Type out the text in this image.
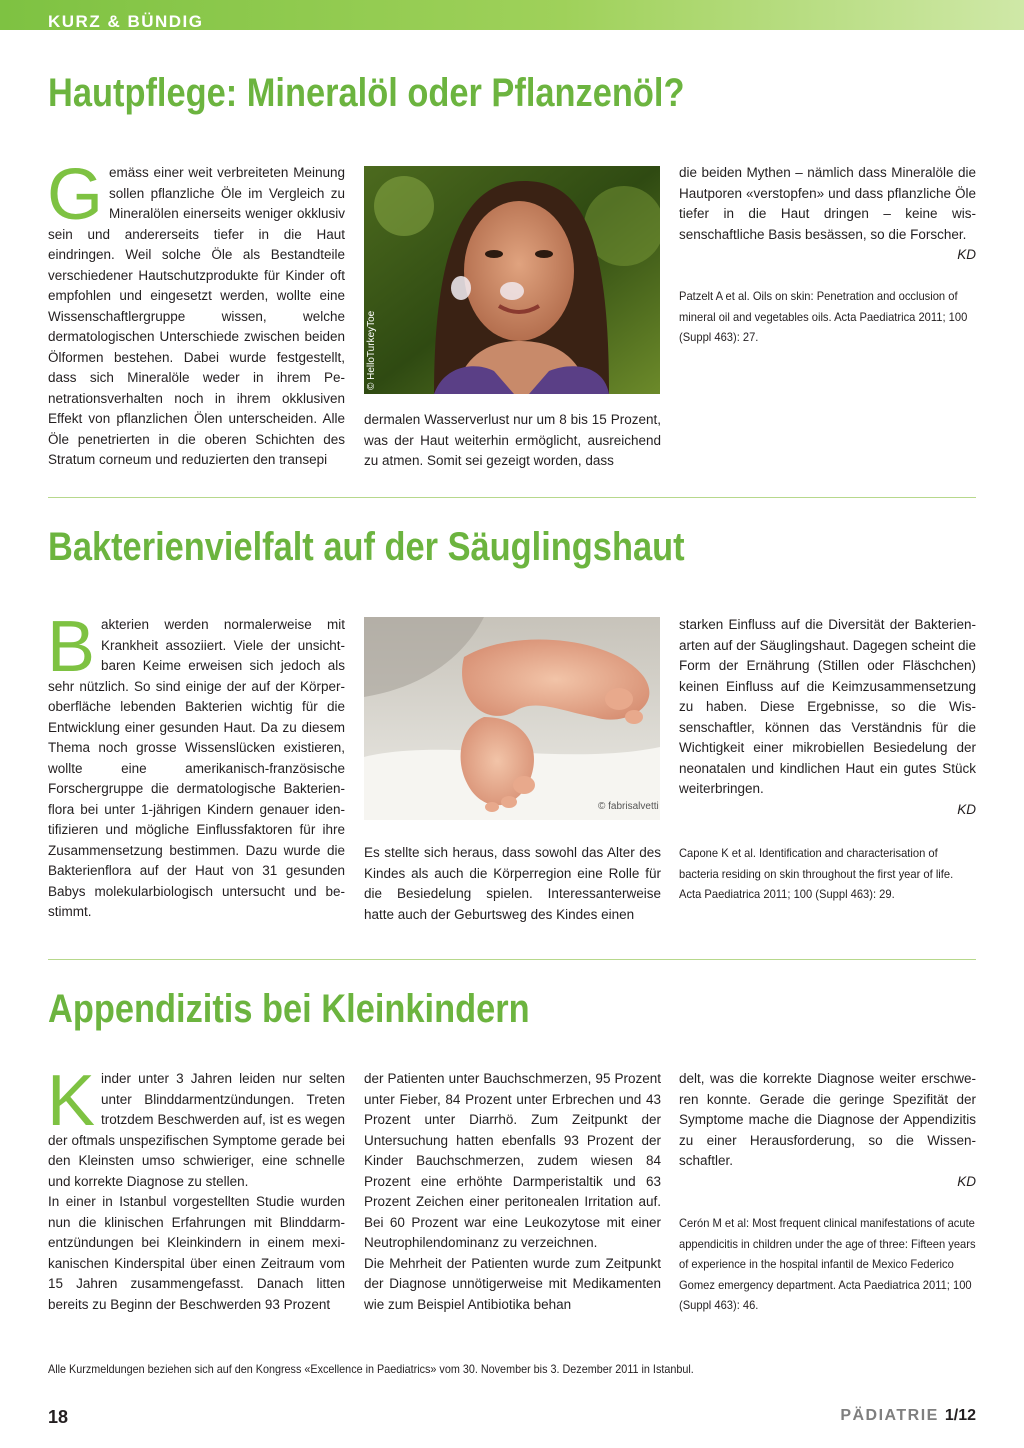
KURZ & BÜNDIG
Hautpflege: Mineralöl oder Pflanzenöl?
G emäss einer weit verbreiteten Meinung sollen pflanzliche Öle im Vergleich zu Mineralölen einerseits weniger okklusiv sein und andererseits tiefer in die Haut eindringen. Weil solche Öle als Bestandteile verschiedener Hautschutzprodukte für Kinder oft empfohlen und eingesetzt werden, wollte eine Wissenschaftlergruppe wissen, welche dermatologischen Unterschiede zwischen beiden Ölformen bestehen. Dabei wurde festgestellt, dass sich Mineralöle weder in ihrem Penetrationsverhalten noch in ihrem okklusiven Effekt von pflanzlichen Ölen unterscheiden. Alle Öle penetrierten in die oberen Schichten des Stratum corneum und reduzierten den transepi

© HelloTurkeyToe

dermalen Wasserverlust nur um 8 bis 15 Prozent, was der Haut weiterhin ermöglicht, ausreichend zu atmen. Somit sei gezeigt worden, dass

die beiden Mythen – nämlich dass Mineralöle die Hautporen «verstopfen» und dass pflanzliche Öle tiefer in die Haut dringen – keine wissenschaftliche Basis besässen, so die Forscher.

KD

Patzelt A et al. Oils on skin: Penetration and occlusion of mineral oil and vegetables oils. Acta Paediatrica 2011; 100 (Suppl 463): 27.
Bakterienvielfalt auf der Säuglingshaut
B akterien werden normalerweise mit Krankheit assoziiert. Viele der unsichtbaren Keime erweisen sich jedoch als sehr nützlich. So sind einige der auf der Körperoberfläche lebenden Bakterien wichtig für die Entwicklung einer gesunden Haut. Da zu diesem Thema noch grosse Wissenslücken existieren, wollte eine amerikanisch-französische Forschergruppe die dermatologische Bakterienflora bei unter 1-jährigen Kindern genauer identifizieren und mögliche Einflussfaktoren für ihre Zusammensetzung bestimmen. Dazu wurde die Bakterienflora auf der Haut von 31 gesunden Babys molekularbiologisch untersucht und bestimmt.

© fabrisalvetti

Es stellte sich heraus, dass sowohl das Alter des Kindes als auch die Körperregion eine Rolle für die Besiedelung spielen. Interessanterweise hatte auch der Geburtsweg des Kindes einen

starken Einfluss auf die Diversität der Bakterienarten auf der Säuglingshaut. Dagegen scheint die Form der Ernährung (Stillen oder Fläschchen) keinen Einfluss auf die Keimzusammensetzung zu haben. Diese Ergebnisse, so die Wissenschaftler, können das Verständnis für die Wichtigkeit einer mikrobiellen Besiedelung der neonatalen und kindlichen Haut ein gutes Stück weiterbringen.

KD

Capone K et al. Identification and characterisation of bacteria residing on skin throughout the first year of life. Acta Paediatrica 2011; 100 (Suppl 463): 29.
Appendizitis bei Kleinkindern
K inder unter 3 Jahren leiden nur selten unter Blinddarmentzündungen. Treten trotzdem Beschwerden auf, ist es wegen der oftmals unspezifischen Symptome gerade bei den Kleinsten umso schwieriger, eine schnelle und korrekte Diagnose zu stellen.

In einer in Istanbul vorgestellten Studie wurden nun die klinischen Erfahrungen mit Blinddarmentzündungen bei Kleinkindern in einem mexikanischen Kinderspital über einen Zeitraum vom 15 Jahren zusammengefasst. Danach litten bereits zu Beginn der Beschwerden 93 Prozent

der Patienten unter Bauchschmerzen, 95 Prozent unter Fieber, 84 Prozent unter Erbrechen und 43 Prozent unter Diarrhö. Zum Zeitpunkt der Untersuchung hatten ebenfalls 93 Prozent der Kinder Bauchschmerzen, zudem wiesen 84 Prozent eine erhöhte Darmperistaltik und 63 Prozent Zeichen einer peritonealen Irritation auf. Bei 60 Prozent war eine Leukozytose mit einer Neutrophilendominanz zu verzeichnen.

Die Mehrheit der Patienten wurde zum Zeitpunkt der Diagnose unnötigerweise mit Medikamenten wie zum Beispiel Antibiotika behan

delt, was die korrekte Diagnose weiter erschweren konnte. Gerade die geringe Spezifität der Symptome mache die Diagnose der Appendizitis zu einer Herausforderung, so die Wissenschaftler.

KD

Cerón M et al: Most frequent clinical manifestations of acute appendicitis in children under the age of three: Fifteen years of experience in the hospital infantil de Mexico Federico Gomez emergency department. Acta Paediatrica 2011; 100 (Suppl 463): 46.
Alle Kurzmeldungen beziehen sich auf den Kongress «Excellence in Paediatrics» vom 30. November bis 3. Dezember 2011 in Istanbul.
18	PÄDIATRIE 1/12
